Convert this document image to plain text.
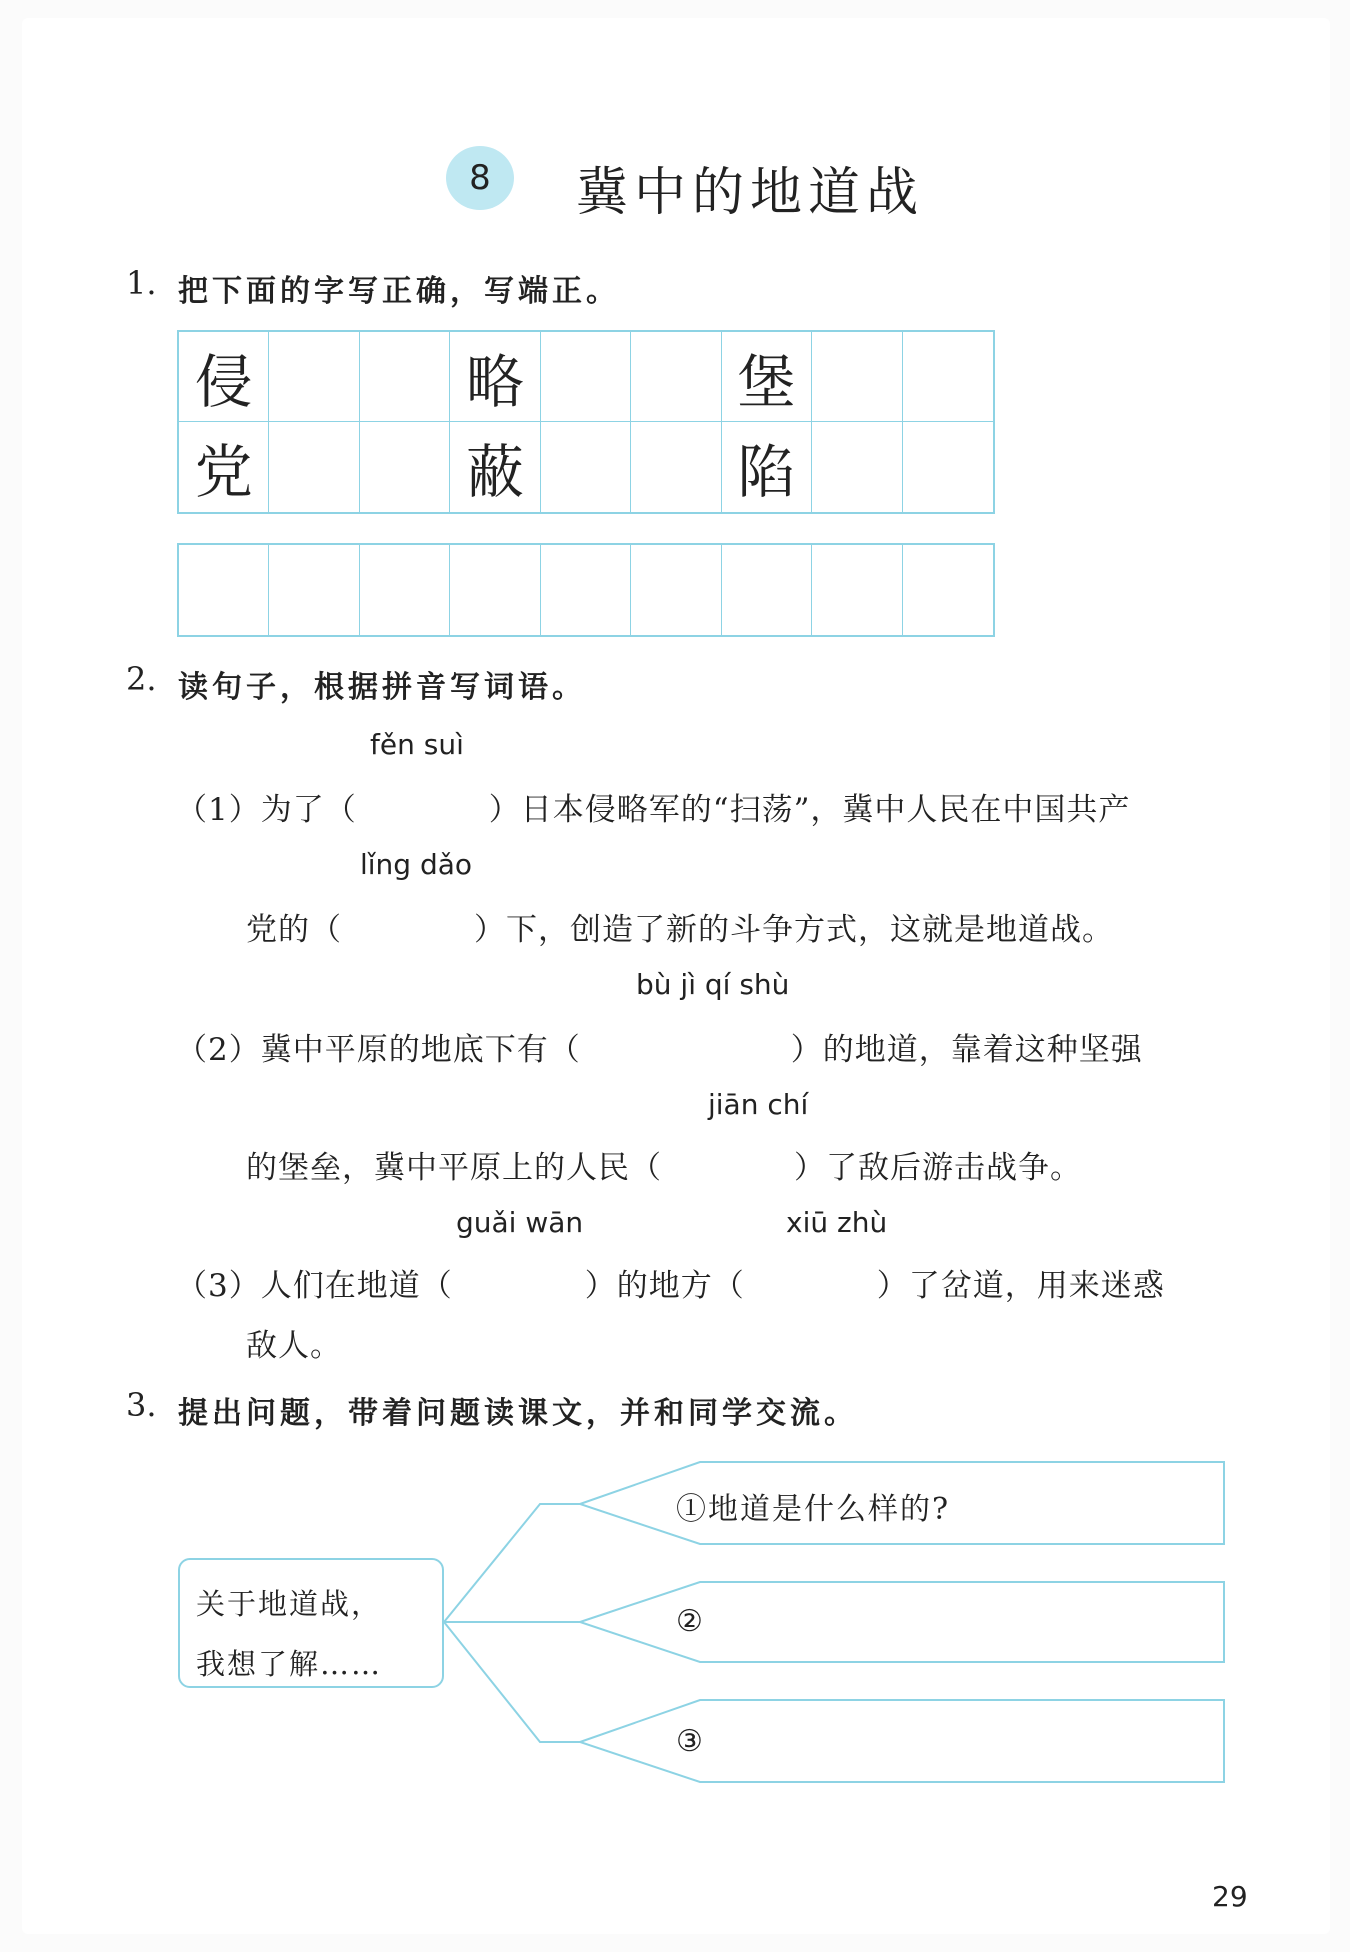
8	冀中的地道战
1. 把下面的字写正确，写端正。
侵	略	堡
党	蔽	陷
2. 读句子，根据拼音写词语。
fěn suì
（1）为了（	）日本侵略军的“扫荡”，冀中人民在中国共产
lǐng dǎo
党的（	）下，创造了新的斗争方式，这就是地道战。
bù jì qí shù
（2）冀中平原的地底下有（	）的地道，靠着这种坚强
jiān chí
的堡垒，冀中平原上的人民（	）了敌后游击战争。
guǎi wān	xiū zhù
（3）人们在地道（	）的地方（	）了岔道，用来迷惑
敌人。
3. 提出问题，带着问题读课文，并和同学交流。
关于地道战，
我想了解……
①地道是什么样的?
②
③
29
